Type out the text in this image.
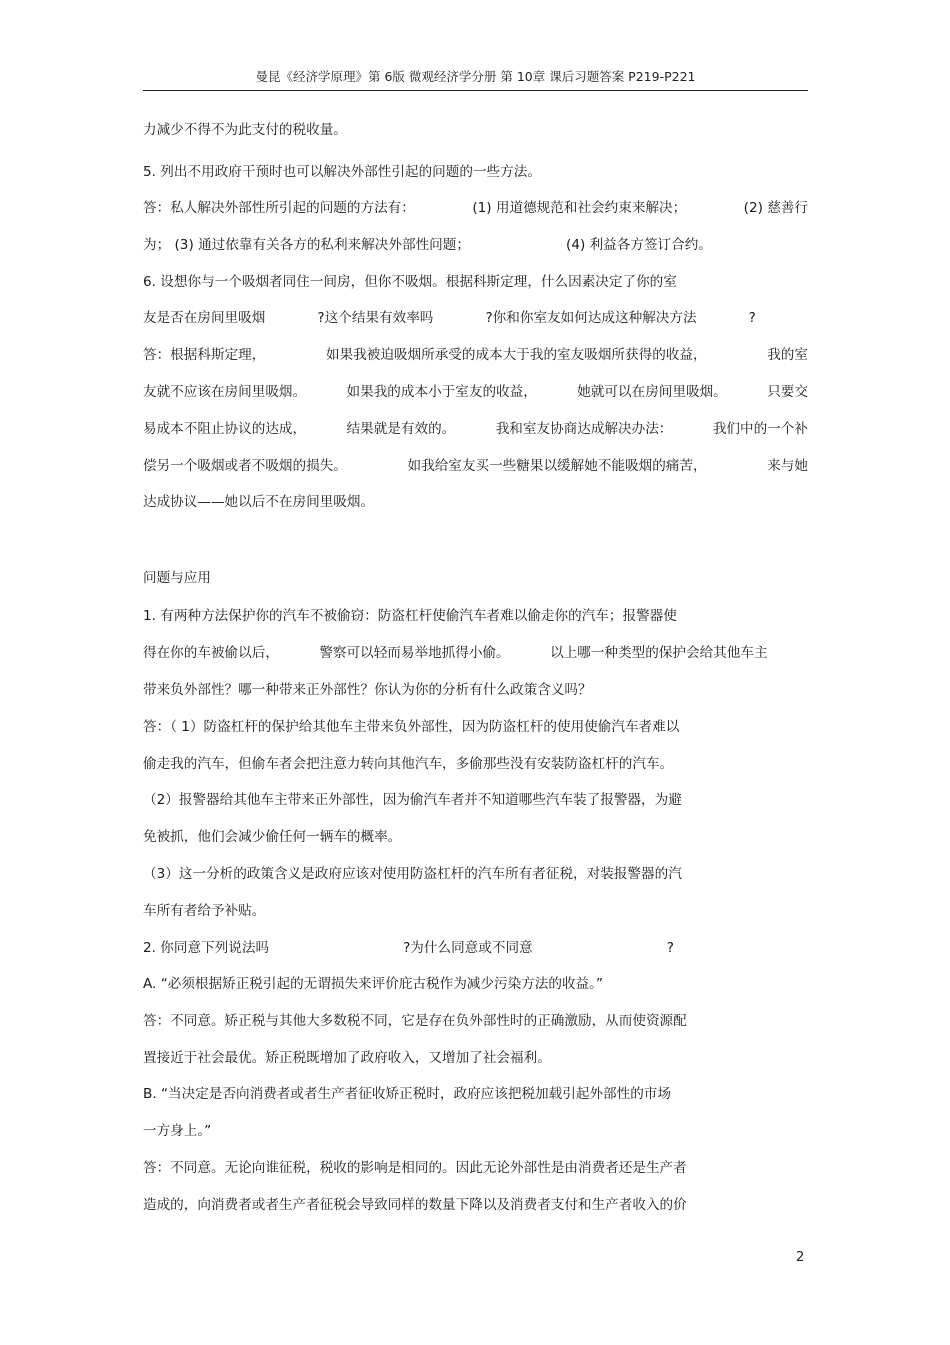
曼昆《经济学原理》第 6版 微观经济学分册 第 10章 课后习题答案 P219-P221
力减少不得不为此支付的税收量。
5. 列出不用政府干预时也可以解决外部性引起的问题的一些方法。
答：私人解决外部性所引起的问题的方法有：	(1) 用道德规范和社会约束来解决；	(2) 慈善行
为； (3) 通过依靠有关各方的私利来解决外部性问题；	(4) 利益各方签订合约。
6. 设想你与一个吸烟者同住一间房，但你不吸烟。根据科斯定理，什么因素决定了你的室
友是否在房间里吸烟	?这个结果有效率吗	?你和你室友如何达成这种解决方法	?
答：根据科斯定理，	如果我被迫吸烟所承受的成本大于我的室友吸烟所获得的收益，	我的室
友就不应该在房间里吸烟。	如果我的成本小于室友的收益，	她就可以在房间里吸烟。	只要交
易成本不阻止协议的达成，	结果就是有效的。	我和室友协商达成解决办法：	我们中的一个补
偿另一个吸烟或者不吸烟的损失。	如我给室友买一些糖果以缓解她不能吸烟的痛苦，	来与她
达成协议——她以后不在房间里吸烟。
问题与应用
1. 有两种方法保护你的汽车不被偷窃：防盗杠杆使偷汽车者难以偷走你的汽车；报警器使
得在你的车被偷以后，	警察可以轻而易举地抓得小偷。	以上哪一种类型的保护会给其他车主
带来负外部性？哪一种带来正外部性？你认为你的分析有什么政策含义吗？
答：（ 1）防盗杠杆的保护给其他车主带来负外部性，因为防盗杠杆的使用使偷汽车者难以
偷走我的汽车，但偷车者会把注意力转向其他汽车，多偷那些没有安装防盗杠杆的汽车。
（2）报警器给其他车主带来正外部性，因为偷汽车者并不知道哪些汽车装了报警器，为避
免被抓，他们会减少偷任何一辆车的概率。
（3）这一分析的政策含义是政府应该对使用防盗杠杆的汽车所有者征税，对装报警器的汽
车所有者给予补贴。
2. 你同意下列说法吗	?为什么同意或不同意	?
A. “必须根据矫正税引起的无谓损失来评价庇古税作为减少污染方法的收益。”
答：不同意。矫正税与其他大多数税不同，它是存在负外部性时的正确激励，从而使资源配
置接近于社会最优。矫正税既增加了政府收入，又增加了社会福利。
B. “当决定是否向消费者或者生产者征收矫正税时，政府应该把税加载引起外部性的市场
一方身上。”
答：不同意。无论向谁征税，税收的影响是相同的。因此无论外部性是由消费者还是生产者
造成的，向消费者或者生产者征税会导致同样的数量下降以及消费者支付和生产者收入的价
2
